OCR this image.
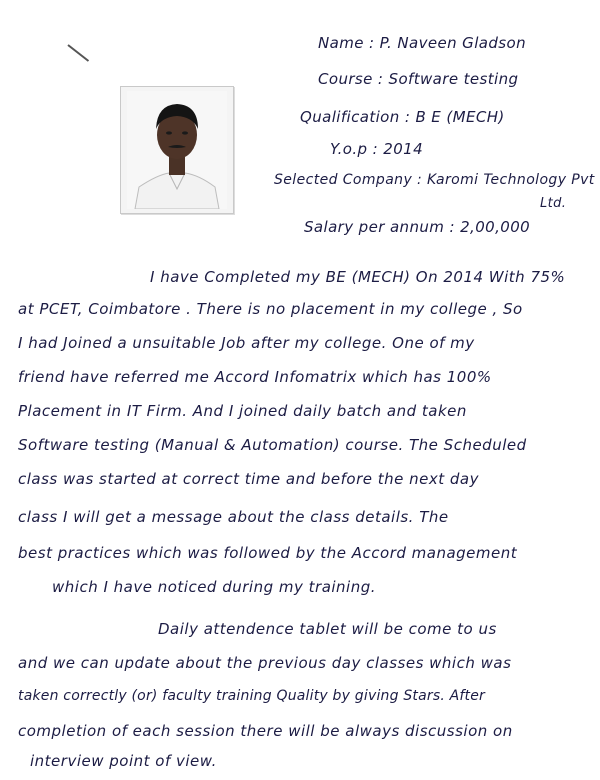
Name : P. Naveen Gladson
Course : Software testing
Qualification : B E (MECH)
Y.o.p : 2014
Selected Company : Karomi Technology Pvt
Ltd.
Salary per annum : 2,00,000
I have Completed my BE (MECH) On 2014 With 75%
at PCET, Coimbatore . There is no placement in my college , So
I had Joined a unsuitable Job after my college. One of my
friend have referred me Accord Infomatrix which has 100%
Placement in IT Firm. And I joined daily batch and taken
Software testing (Manual & Automation) course. The Scheduled
class was started at correct time and before the next day
class I will get a message about the class details. The
best practices which was followed by the Accord management
which I have noticed during my training.
Daily attendence tablet will be come to us
and we can update about the previous day classes which was
taken correctly (or) faculty training Quality by giving Stars. After
completion of each session there will be always discussion on
interview point of view.
